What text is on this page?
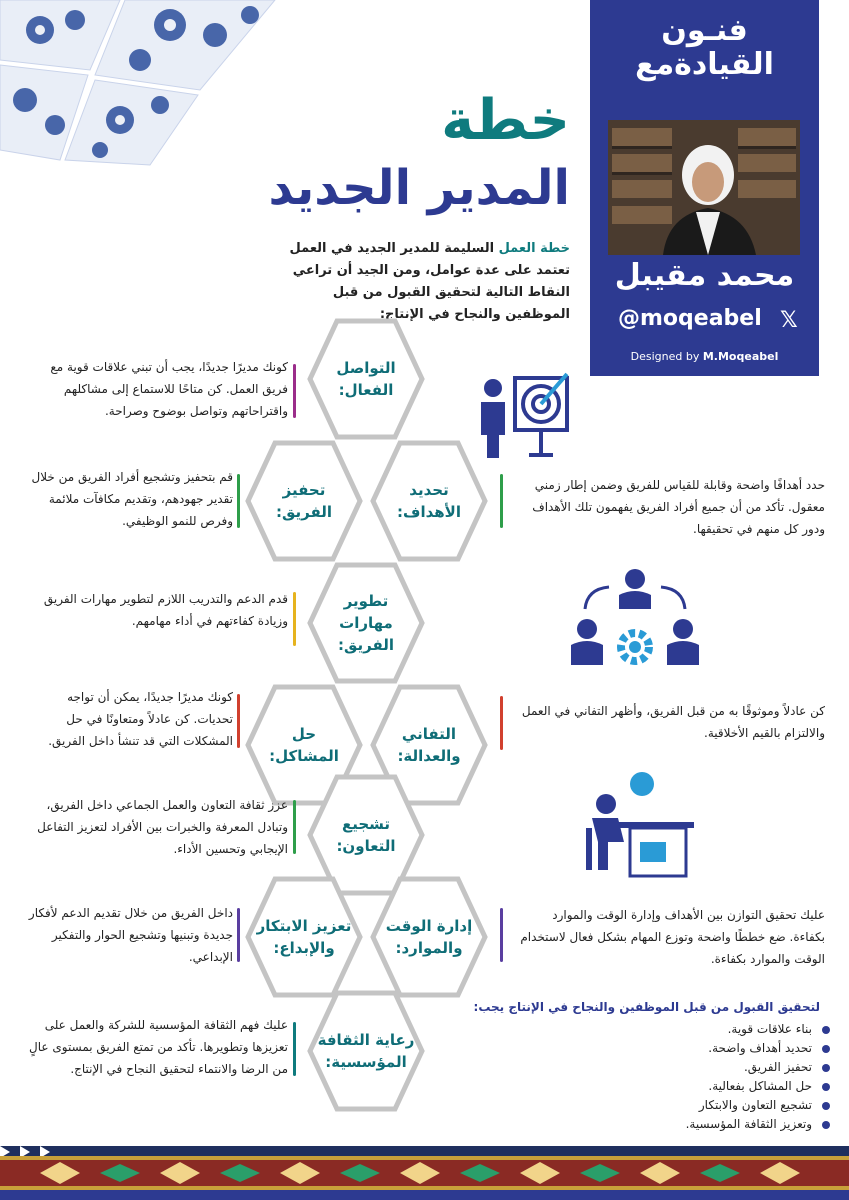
فنـون
القيادةمع
محمد مقيبل
@moqeabel 𝕏
Designed by M.Moqeabel
خطة
المدير الجديد
خطة العمل السليمة للمدير الجديد في العمل تعتمد على عدة عوامل، ومن الجيد أن تراعي النقاط التالية لتحقيق القبول من قبل الموظفين والنجاح في الإنتاج:
التواصل الفعال:
تحفيز الفريق:
تحديد الأهداف:
تطوير مهارات الفريق:
حل المشاكل:
التفاني والعدالة:
تشجيع التعاون:
تعزيز الابتكار والإبداع:
إدارة الوقت والموارد:
رعاية الثقافة المؤسسية:
كونك مديرًا جديدًا، يجب أن تبني علاقات قوية مع فريق العمل. كن متاحًا للاستماع إلى مشاكلهم واقتراحاتهم وتواصل بوضوح وصراحة.
قم بتحفيز وتشجيع أفراد الفريق من خلال تقدير جهودهم، وتقديم مكافآت ملائمة وفرص للنمو الوظيفي.
حدد أهدافًا واضحة وقابلة للقياس للفريق وضمن إطار زمني معقول. تأكد من أن جميع أفراد الفريق يفهمون تلك الأهداف ودور كل منهم في تحقيقها.
قدم الدعم والتدريب اللازم لتطوير مهارات الفريق وزيادة كفاءتهم في أداء مهامهم.
كونك مديرًا جديدًا، يمكن أن تواجه تحديات. كن عادلاً ومتعاونًا في حل المشكلات التي قد تنشأ داخل الفريق.
كن عادلاً وموثوقًا به من قبل الفريق، وأظهر التفاني في العمل والالتزام بالقيم الأخلاقية.
عزز ثقافة التعاون والعمل الجماعي داخل الفريق، وتبادل المعرفة والخبرات بين الأفراد لتعزيز التفاعل الإيجابي وتحسين الأداء.
داخل الفريق من خلال تقديم الدعم لأفكار جديدة وتبنيها وتشجيع الحوار والتفكير الإبداعي.
عليك تحقيق التوازن بين الأهداف وإدارة الوقت والموارد بكفاءة. ضع خططًا واضحة وتوزع المهام بشكل فعال لاستخدام الوقت والموارد بكفاءة.
عليك فهم الثقافة المؤسسية للشركة والعمل على تعزيزها وتطويرها. تأكد من تمتع الفريق بمستوى عالٍ من الرضا والانتماء لتحقيق النجاح في الإنتاج.
لتحقيق القبول من قبل الموظفين والنجاح في الإنتاج يجب:
بناء علاقات قوية.
تحديد أهداف واضحة.
تحفيز الفريق.
حل المشاكل بفعالية.
تشجيع التعاون والابتكار
وتعزيز الثقافة المؤسسية.
